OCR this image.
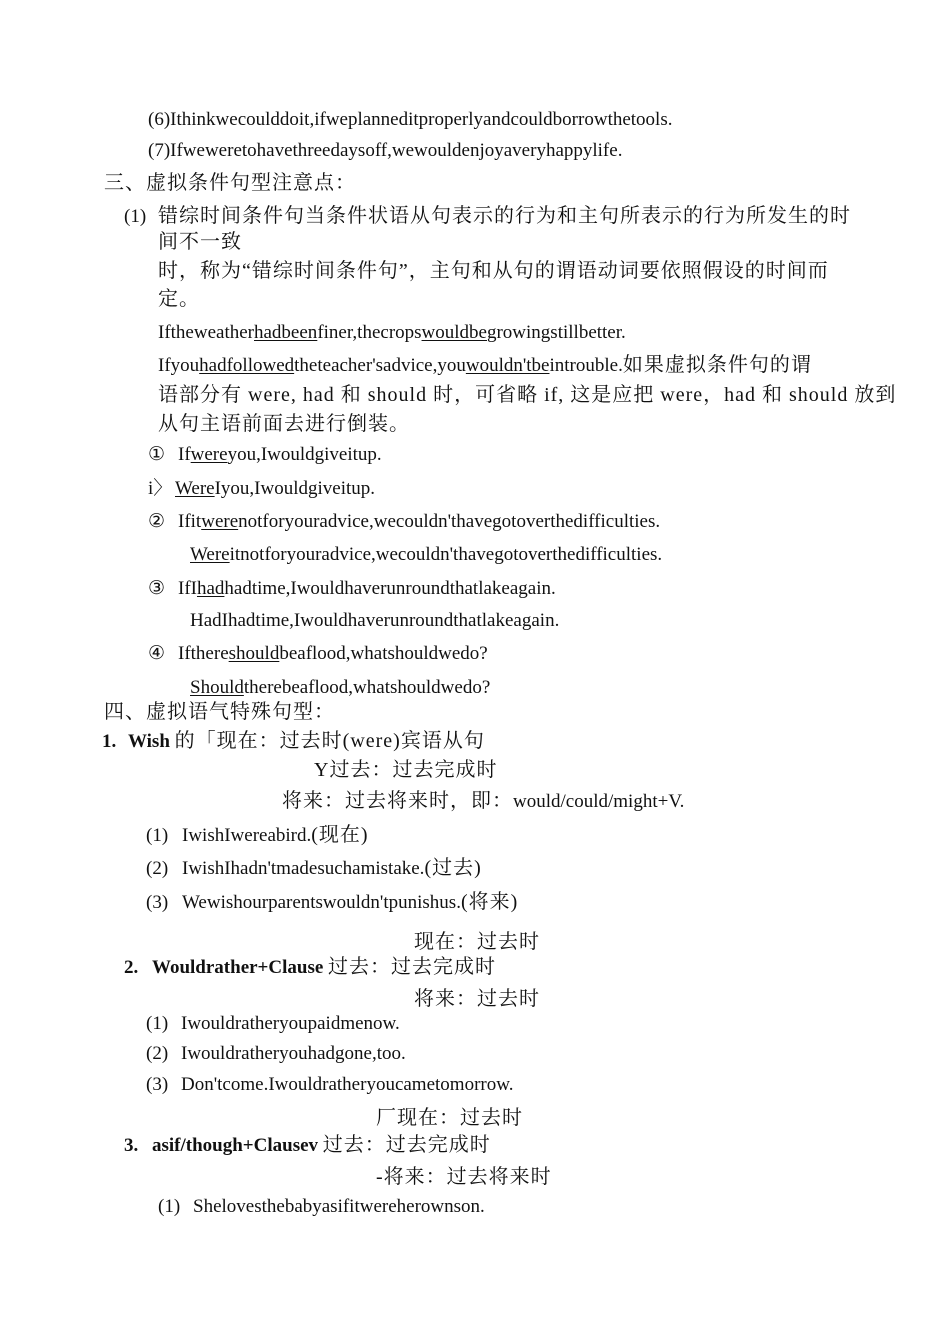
(6)Ithinkwecoulddoit,ifweplanneditproperlyandcouldborrowthetools.
(7)Ifweweretohavethreedaysoff,wewouldenjoyaveryhappylife.
三、虚拟条件句型注意点：
(1) 错综时间条件句当条件状语从句表示的行为和主句所表示的行为所发生的时
间不一致
时，称为“错综时间条件句”，主句和从句的谓语动词要依照假设的时间而
定。
Iftheweatherhadbeenfiner,thecropswouldbegrowingstillbetter.
Ifyouhadfollowedtheteacher'sadvice,youwouldn'tbeintrouble.如果虚拟条件句的谓
语部分有 were, had 和 should 时，可省略 if, 这是应把 were，had 和 should 放到
从句主语前面去进行倒装。
① Ifwereyou,Iwouldgiveitup.
i〉 WereIyou,Iwouldgiveitup.
② Ifitwerenotforyouradvice,wecouldn'thavegotoverthedifficulties.
Wereitnotforyouradvice,wecouldn'thavegotoverthedifficulties.
③ IfIhadhadtime,Iwouldhaverunroundthatlakeagain.
HadIhadtime,Iwouldhaverunroundthatlakeagain.
④ Ifthereshouldbeaflood,whatshouldwedo?
Shouldtherebeaflood,whatshouldwedo?
四、虚拟语气特殊句型：
1. Wish 的「现在：过去时(were)宾语从句
Y过去：过去完成时
将来：过去将来时，即：would/could/might+V.
(1) IwishIwereabird.(现在)
(2) IwishIhadn'tmadesuchamistake.(过去)
(3) Wewishourparentswouldn'tpunishus.(将来)
现在：过去时
2. Wouldrather+Clause 过去：过去完成时
将来：过去时
(1) Iwouldratheryoupaidmenow.
(2) Iwouldratheryouhadgone,too.
(3) Don'tcome.Iwouldratheryoucametomorrow.
厂现在：过去时
3. asif/though+Clausev 过去：过去完成时
-将来：过去将来时
(1) Shelovesthebabyasifitwereherownson.
